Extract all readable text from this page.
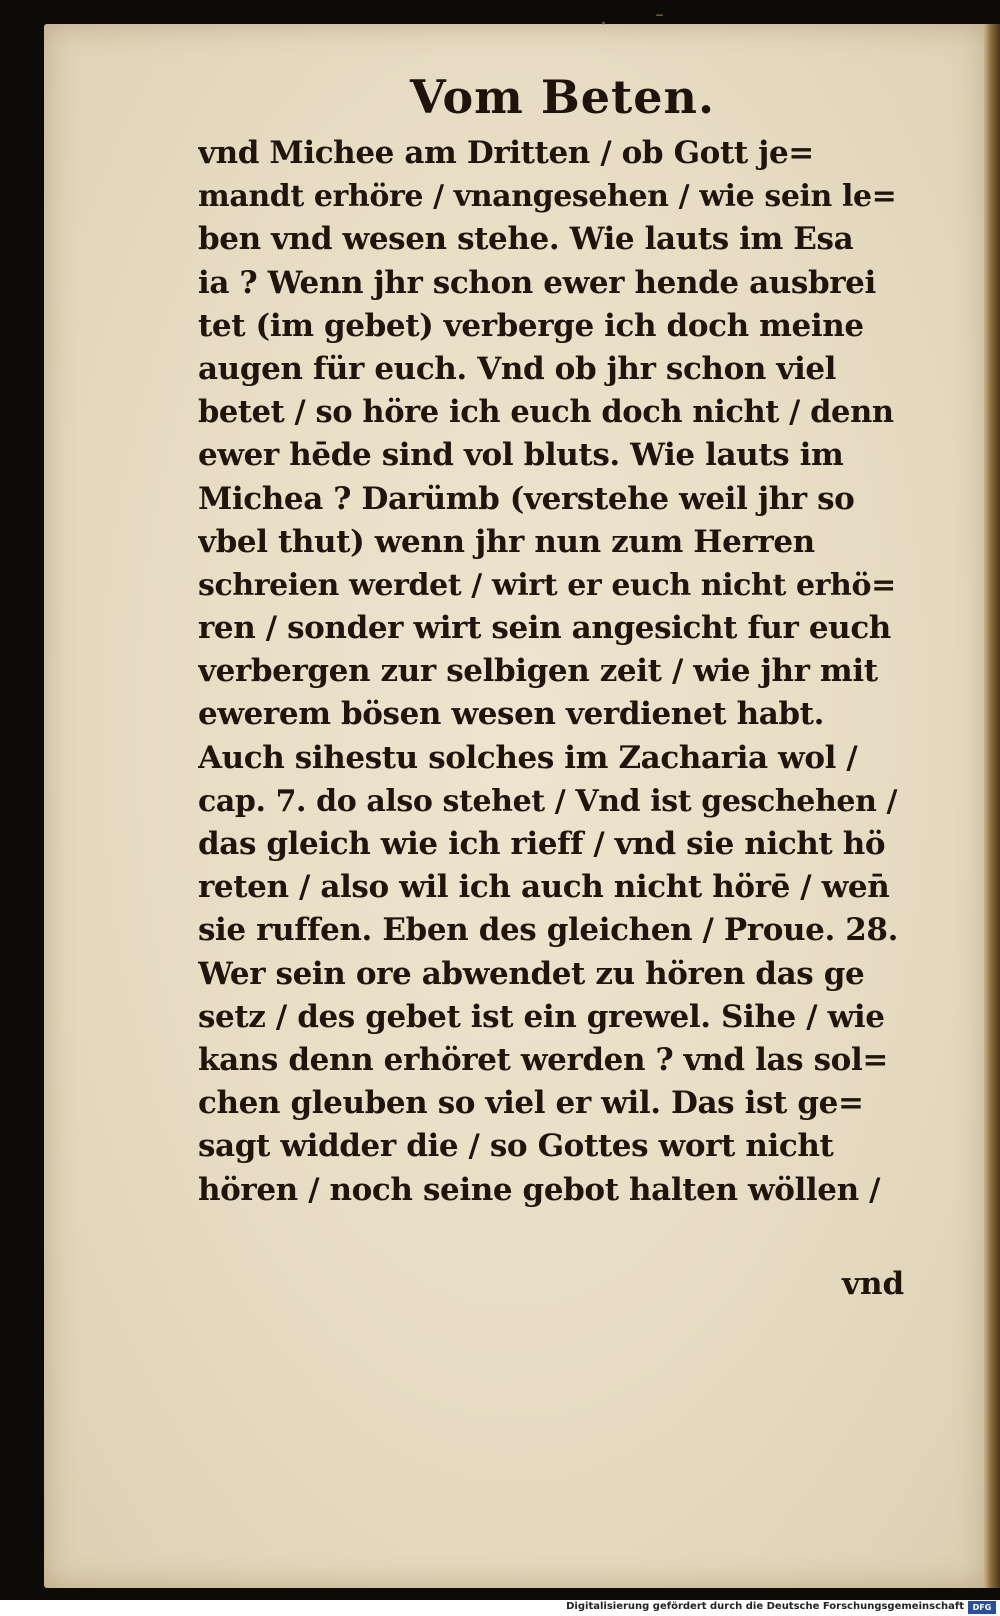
· ˉ
Vom Beten.
vnd Michee am Dritten / ob Gott je=
mandt erhöre / vnangesehen / wie sein le=
ben vnd wesen stehe. Wie lauts im Esa
ia ? Wenn jhr schon ewer hende ausbrei
tet (im gebet) verberge ich doch meine
augen für euch. Vnd ob jhr schon viel
betet / so höre ich euch doch nicht / denn
ewer hēde sind vol bluts. Wie lauts im
Michea ? Darümb (verstehe weil jhr so
vbel thut) wenn jhr nun zum Herren
schreien werdet / wirt er euch nicht erhö=
ren / sonder wirt sein angesicht fur euch
verbergen zur selbigen zeit / wie jhr mit
ewerem bösen wesen verdienet habt.
Auch sihestu solches im Zacharia wol /
cap. 7. do also stehet / Vnd ist geschehen /
das gleich wie ich rieff / vnd sie nicht hö
reten / also wil ich auch nicht hörē / wen̄
sie ruffen. Eben des gleichen / Proue. 28.
Wer sein ore abwendet zu hören das ge
setz / des gebet ist ein grewel. Sihe / wie
kans denn erhöret werden ? vnd las sol=
chen gleuben so viel er wil. Das ist ge=
sagt widder die / so Gottes wort nicht
hören / noch seine gebot halten wöllen /
vnd
Digitalisierung gefördert durch die Deutsche Forschungsgemeinschaft	DFG
